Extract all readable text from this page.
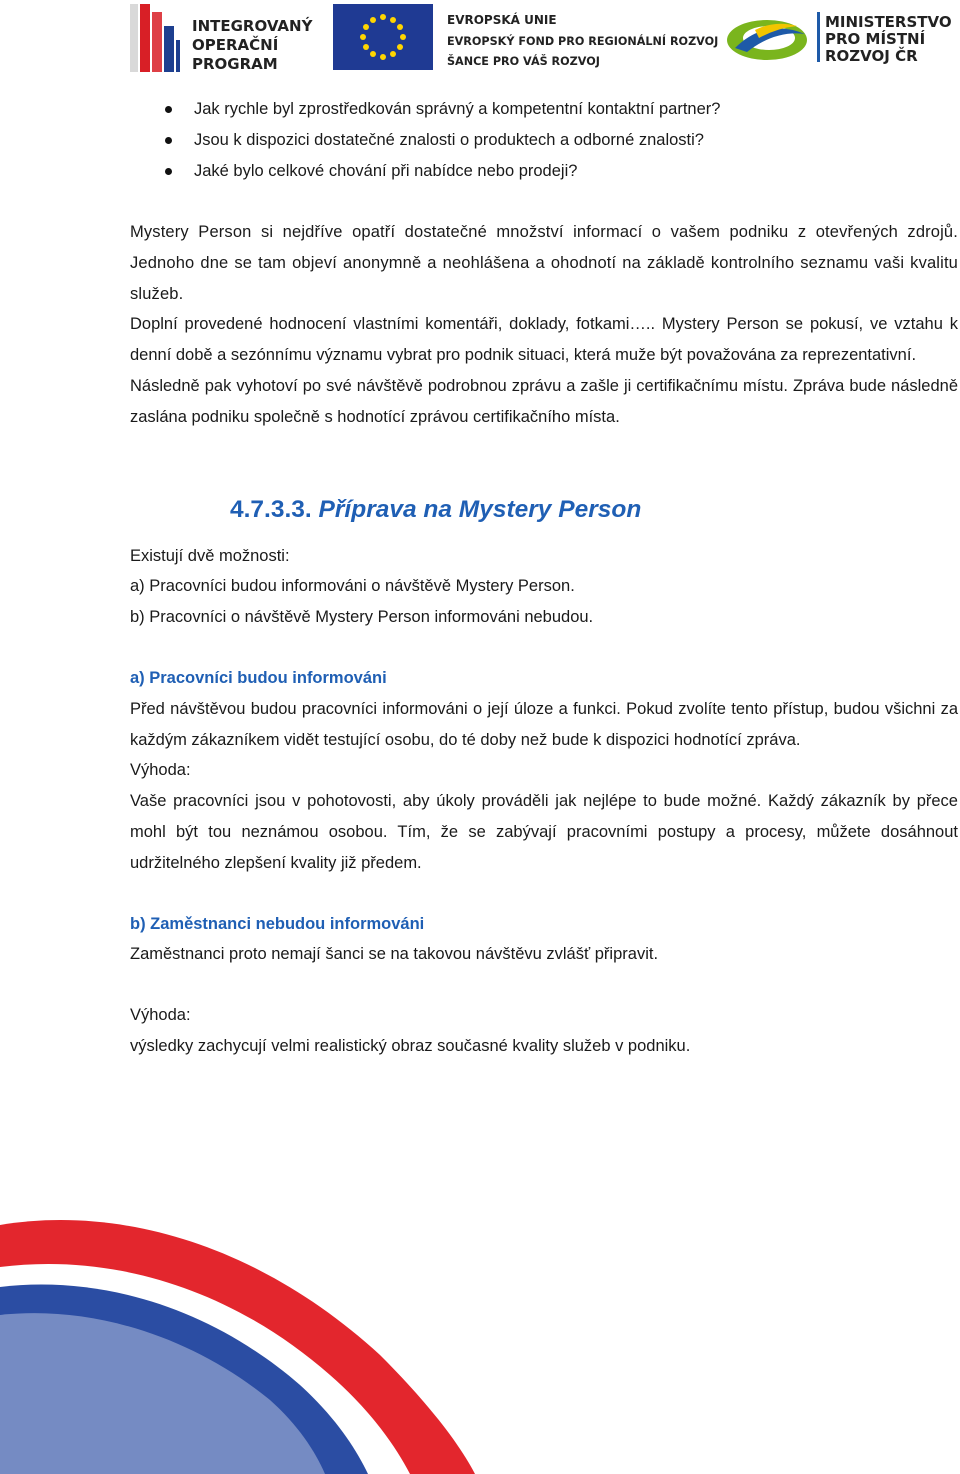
INTEGROVANÝ
OPERAČNÍ
PROGRAM
EVROPSKÁ UNIE
EVROPSKÝ FOND PRO REGIONÁLNÍ ROZVOJ
ŠANCE PRO VÁŠ ROZVOJ
MINISTERSTVO
PRO MÍSTNÍ
ROZVOJ ČR
Jak rychle byl zprostředkován správný a kompetentní kontaktní partner?
Jsou k dispozici dostatečné znalosti o produktech a odborné znalosti?
Jaké bylo celkové chování při nabídce nebo prodeji?

Mystery Person si nejdříve opatří dostatečné množství informací o vašem podniku z otevřených zdrojů. Jednoho dne se tam objeví anonymně a neohlášena a ohodnotí na základě kontrolního seznamu vaši kvalitu služeb.

Doplní provedené hodnocení vlastními komentáři, doklady, fotkami….. Mystery Person se pokusí, ve vztahu k denní době a sezónnímu významu vybrat pro podnik situaci, která muže být považována za reprezentativní.

Následně pak vyhotoví po své návštěvě podrobnou zprávu a zašle ji certifikačnímu místu. Zpráva bude následně zaslána podniku společně s hodnotící zprávou certifikačního místa.

4.7.3.3. Příprava na Mystery Person

Existují dvě možnosti:

a) Pracovníci budou informováni o návštěvě Mystery Person.

b) Pracovníci o návštěvě Mystery Person informováni nebudou.

a) Pracovníci budou informováni

Před návštěvou budou pracovníci informováni o její úloze a funkci. Pokud zvolíte tento přístup, budou všichni za každým zákazníkem vidět testující osobu, do té doby než bude k dispozici hodnotící zpráva.

Výhoda:

Vaše pracovníci jsou v pohotovosti, aby úkoly prováděli jak nejlépe to bude možné. Každý zákazník by přece mohl být tou neznámou osobou. Tím, že se zabývají pracovními postupy a procesy, můžete dosáhnout udržitelného zlepšení kvality již předem.

b) Zaměstnanci nebudou informováni

Zaměstnanci proto nemají šanci se na takovou návštěvu zvlášť připravit.

Výhoda:

výsledky zachycují velmi realistický obraz současné kvality služeb v podniku.
